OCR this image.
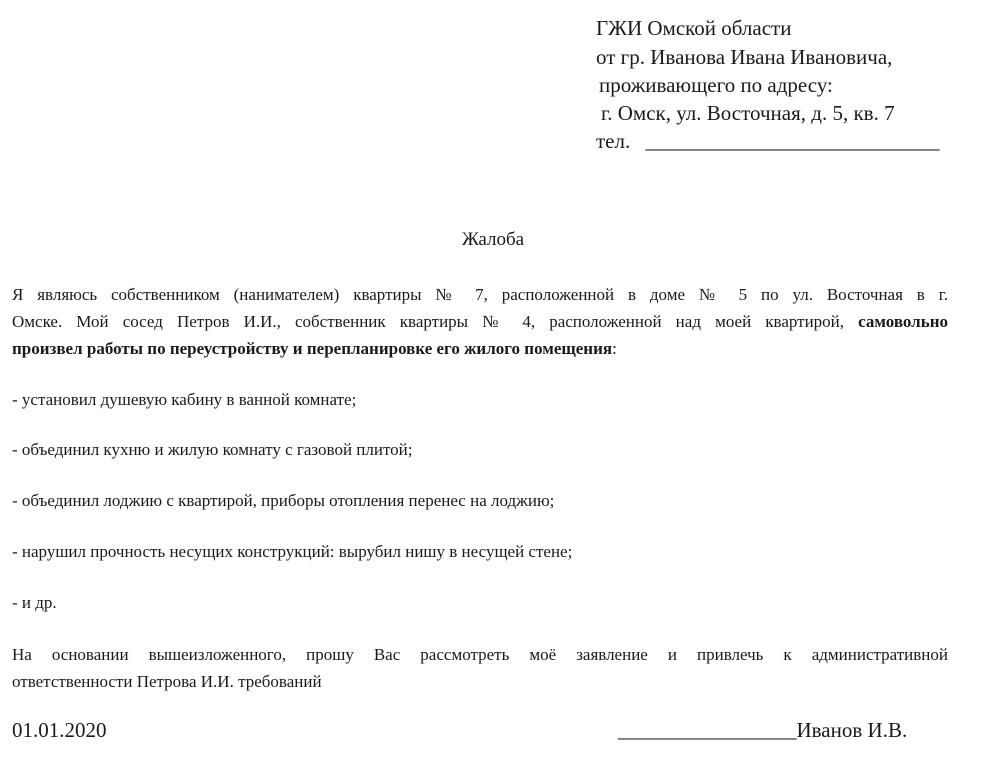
ГЖИ Омской области
от гр. Иванова Ивана Ивановича,
проживающего по адресу:
г. Омск, ул. Восточная, д. 5, кв. 7
тел. ____________________________
Жалоба
Я являюсь собственником (нанимателем) квартиры № 7, расположенной в доме № 5 по ул. Восточная в г.
Омске. Мой сосед Петров И.И., собственник квартиры № 4, расположенной над моей квартирой, самовольно
произвел работы по переустройству и перепланировке его жилого помещения:
- установил душевую кабину в ванной комнате;
- объединил кухню и жилую комнату с газовой плитой;
- объединил лоджию с квартирой, приборы отопления перенес на лоджию;
- нарушил прочность несущих конструкций: вырубил нишу в несущей стене;
- и др.
На основании вышеизложенного, прошу Вас рассмотреть моё заявление и привлечь к административной
ответственности Петрова И.И. требований
01.01.2020	_________________Иванов И.В.
